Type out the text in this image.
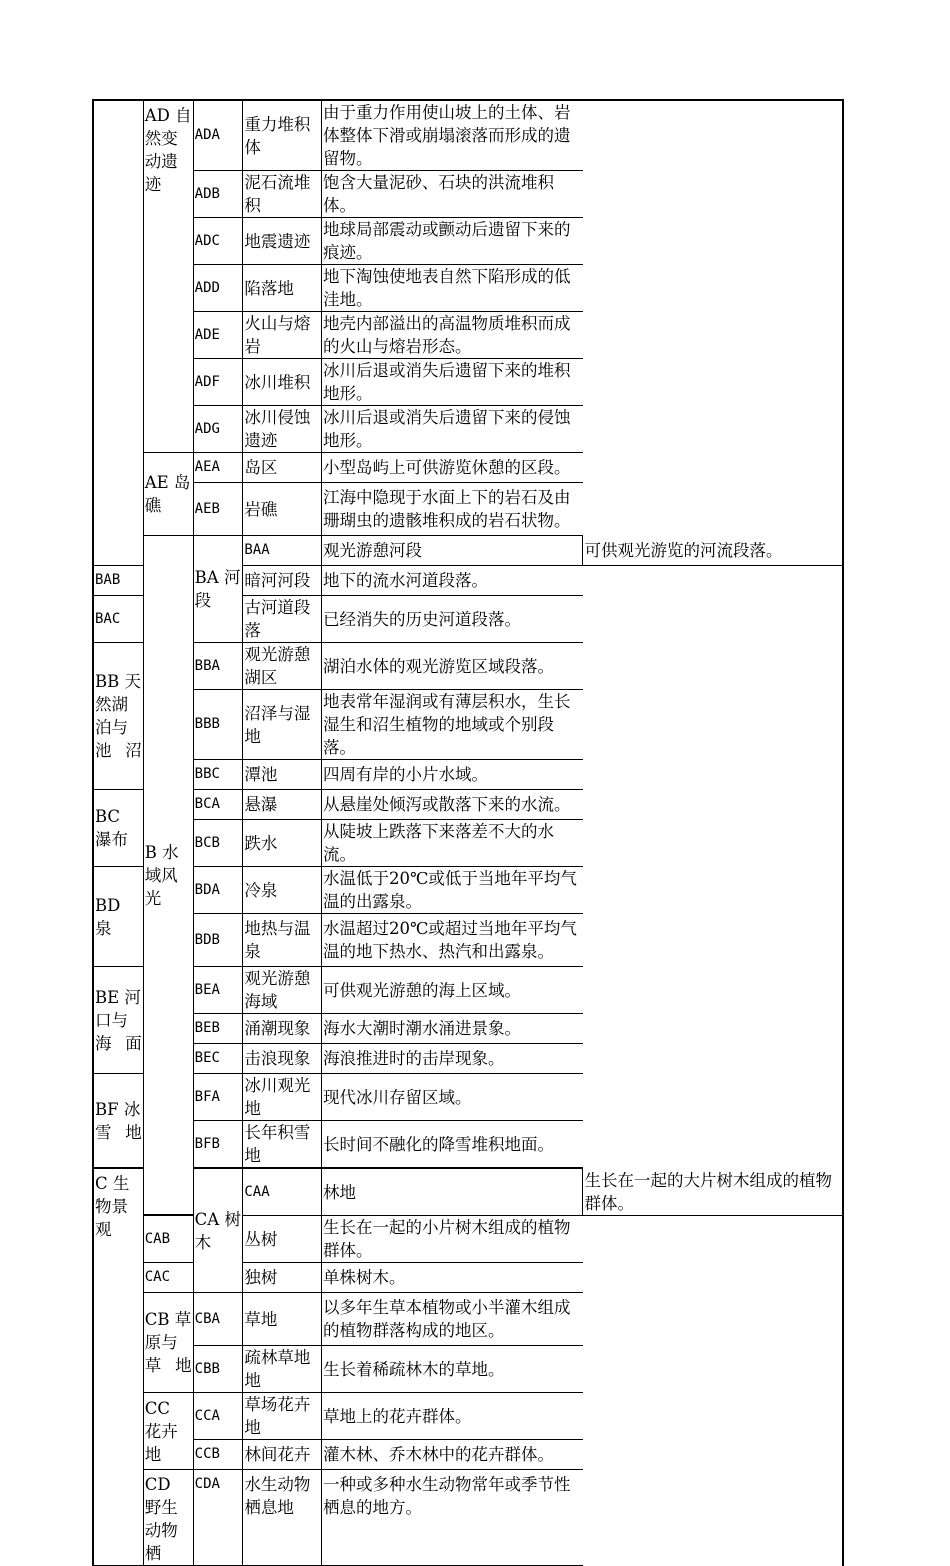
	AD 自然变动遗迹	ADA	重力堆积体	由于重力作用使山坡上的土体、岩体整体下滑或崩塌滚落而形成的遗留物。	
		ADB	泥石流堆积	饱含大量泥砂、石块的洪流堆积体。	
		ADC	地震遗迹	地球局部震动或颤动后遗留下来的痕迹。	
		ADD	陷落地	地下淘蚀使地表自然下陷形成的低洼地。	
		ADE	火山与熔岩	地壳内部溢出的高温物质堆积而成的火山与熔岩形态。	
		ADF	冰川堆积	冰川后退或消失后遗留下来的堆积地形。	
		ADG	冰川侵蚀遗迹	冰川后退或消失后遗留下来的侵蚀地形。	
	AE 岛礁	AEA	岛区	小型岛屿上可供游览休憩的区段。	
		AEB	岩礁	江海中隐现于水面上下的岩石及由珊瑚虫的遗骸堆积成的岩石状物。	
	B 水域风光	BA 河段	BAA	观光游憩河段	可供观光游览的河流段落。
BAB			暗河河段	地下的流水河道段落。	
BAC			古河道段落	已经消失的历史河道段落。	
BB 天然湖泊与池沼		BBA	观光游憩湖区	湖泊水体的观光游览区域段落。	
		BBB	沼泽与湿地	地表常年湿润或有薄层积水，生长湿生和沼生植物的地域或个别段落。	
		BBC	潭池	四周有岸的小片水域。	
BC 瀑布		BCA	悬瀑	从悬崖处倾泻或散落下来的水流。	
		BCB	跌水	从陡坡上跌落下来落差不大的水流。	
BD 泉		BDA	冷泉	水温低于20℃或低于当地年平均气温的出露泉。	
		BDB	地热与温泉	水温超过20℃或超过当地年平均气温的地下热水、热汽和出露泉。	
BE 河口与海面		BEA	观光游憩海域	可供观光游憩的海上区域。	
		BEB	涌潮现象	海水大潮时潮水涌进景象。	
		BEC	击浪现象	海浪推进时的击岸现象。	
BF 冰雪地		BFA	冰川观光地	现代冰川存留区域。	
		BFB	长年积雪地	长时间不融化的降雪堆积地面。	
C 生物景观		CA 树木	CAA	林地	生长在一起的大片树木组成的植物群体。
	CAB		丛树	生长在一起的小片树木组成的植物群体。	
	CAC		独树	单株树木。	
	CB 草原与草地	CBA	草地	以多年生草本植物或小半灌木组成的植物群落构成的地区。	
		CBB	疏林草地地	生长着稀疏林木的草地。	
	CC 花卉地	CCA	草场花卉地	草地上的花卉群体。	
		CCB	林间花卉	灌木林、乔木林中的花卉群体。	
	CD 野生动物栖	CDA	水生动物栖息地	一种或多种水生动物常年或季节性栖息的地方。	
